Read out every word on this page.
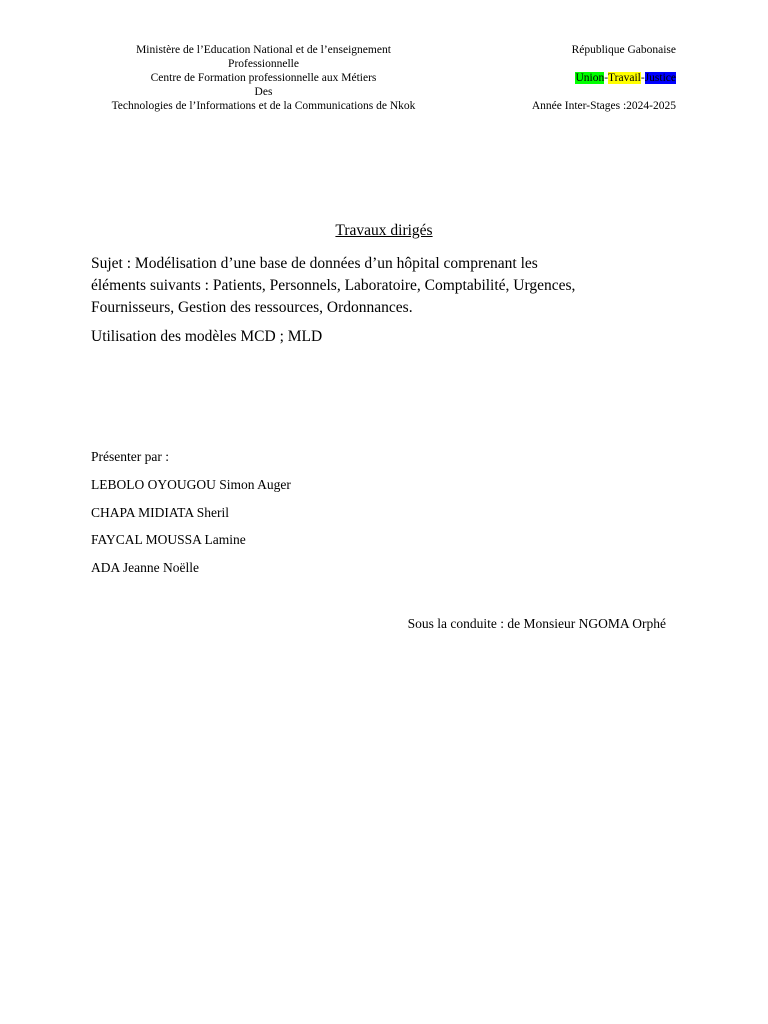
Ministère de l’Education National et de l’enseignement
Professionnelle
Centre de Formation professionnelle aux Métiers
Des
Technologies de l’Informations et de la Communications de Nkok
République Gabonaise
Union-Travail-Justice
Année Inter-Stages :2024-2025
Travaux dirigés
Sujet : Modélisation d’une base de données d’un hôpital comprenant les
éléments suivants : Patients, Personnels, Laboratoire, Comptabilité, Urgences,
Fournisseurs, Gestion des ressources, Ordonnances.
Utilisation des modèles MCD ; MLD
Présenter par :
LEBOLO OYOUGOU Simon Auger
CHAPA MIDIATA Sheril
FAYCAL MOUSSA Lamine
ADA Jeanne Noëlle
Sous la conduite : de Monsieur NGOMA Orphé
